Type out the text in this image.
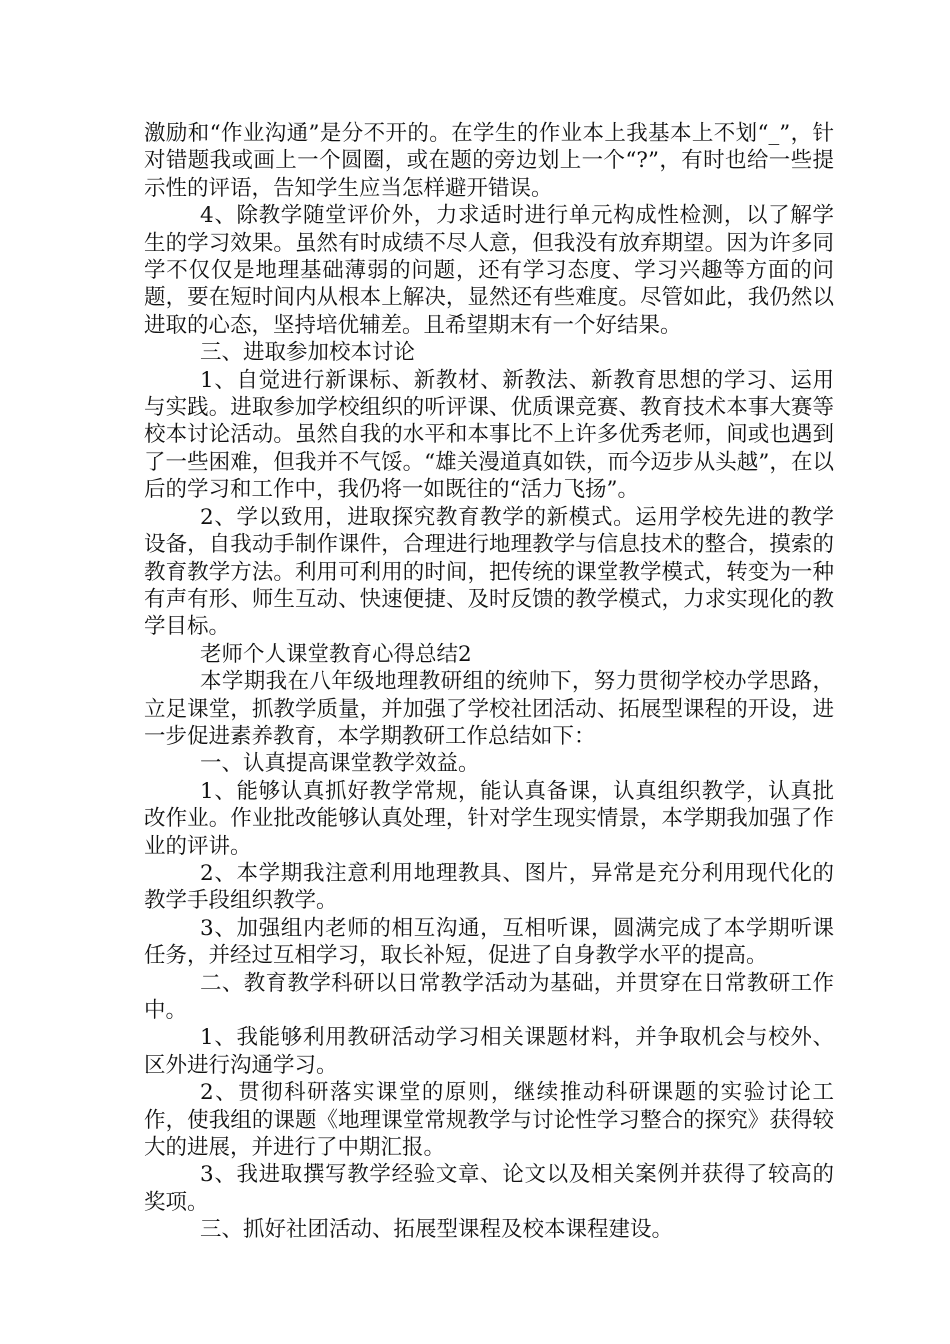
激励和“作业沟通”是分不开的。在学生的作业本上我基本上不划“_”，针对错题我或画上一个圆圈，或在题的旁边划上一个“?”，有时也给一些提示性的评语，告知学生应当怎样避开错误。

4、除教学随堂评价外，力求适时进行单元构成性检测，以了解学生的学习效果。虽然有时成绩不尽人意，但我没有放弃期望。因为许多同学不仅仅是地理基础薄弱的问题，还有学习态度、学习兴趣等方面的问题，要在短时间内从根本上解决，显然还有些难度。尽管如此，我仍然以进取的心态，坚持培优辅差。且希望期末有一个好结果。

三、进取参加校本讨论

1、自觉进行新课标、新教材、新教法、新教育思想的学习、运用与实践。进取参加学校组织的听评课、优质课竞赛、教育技术本事大赛等校本讨论活动。虽然自我的水平和本事比不上许多优秀老师，间或也遇到了一些困难，但我并不气馁。“雄关漫道真如铁，而今迈步从头越”，在以后的学习和工作中，我仍将一如既往的“活力飞扬”。

2、学以致用，进取探究教育教学的新模式。运用学校先进的教学设备，自我动手制作课件，合理进行地理教学与信息技术的整合，摸索的教育教学方法。利用可利用的时间，把传统的课堂教学模式，转变为一种有声有形、师生互动、快速便捷、及时反馈的教学模式，力求实现化的教学目标。

老师个人课堂教育心得总结2

本学期我在八年级地理教研组的统帅下，努力贯彻学校办学思路，立足课堂，抓教学质量，并加强了学校社团活动、拓展型课程的开设，进一步促进素养教育，本学期教研工作总结如下：

一、认真提高课堂教学效益。

1、能够认真抓好教学常规，能认真备课，认真组织教学，认真批改作业。作业批改能够认真处理，针对学生现实情景，本学期我加强了作业的评讲。

2、本学期我注意利用地理教具、图片，异常是充分利用现代化的教学手段组织教学。

3、加强组内老师的相互沟通，互相听课，圆满完成了本学期听课任务，并经过互相学习，取长补短，促进了自身教学水平的提高。

二、教育教学科研以日常教学活动为基础，并贯穿在日常教研工作中。

1、我能够利用教研活动学习相关课题材料，并争取机会与校外、区外进行沟通学习。

2、贯彻科研落实课堂的原则，继续推动科研课题的实验讨论工作，使我组的课题《地理课堂常规教学与讨论性学习整合的探究》获得较大的进展，并进行了中期汇报。

3、我进取撰写教学经验文章、论文以及相关案例并获得了较高的奖项。

三、抓好社团活动、拓展型课程及校本课程建设。
